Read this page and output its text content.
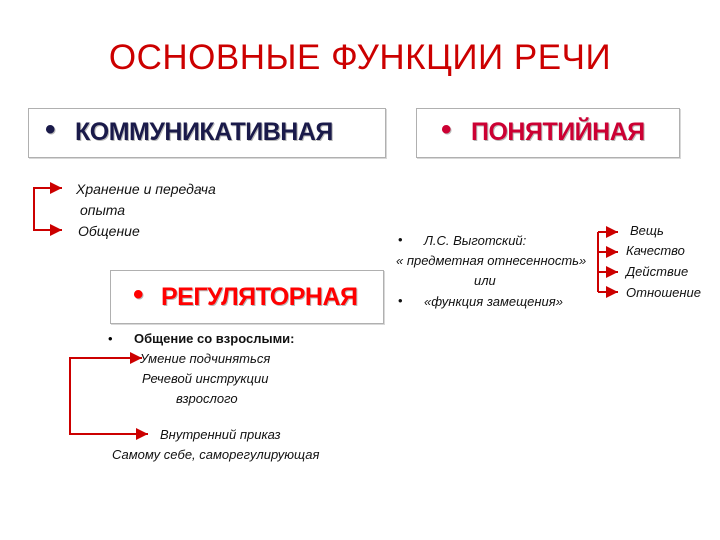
ОСНОВНЫЕ ФУНКЦИИ РЕЧИ
• КОММУНИКАТИВНАЯ	• ПОНЯТИЙНАЯ
• РЕГУЛЯТОРНАЯ
Хранение и передача
опыта
Общение
• Л.С. Выготский:
« предметная отнесенность»
или
• «функция замещения»
Вещь
Качество
Действие
Отношение
• Общение со взрослыми:
Умение подчиняться
Речевой инструкции
взрослого
Внутренний приказ
Самому себе, саморегулирующая
